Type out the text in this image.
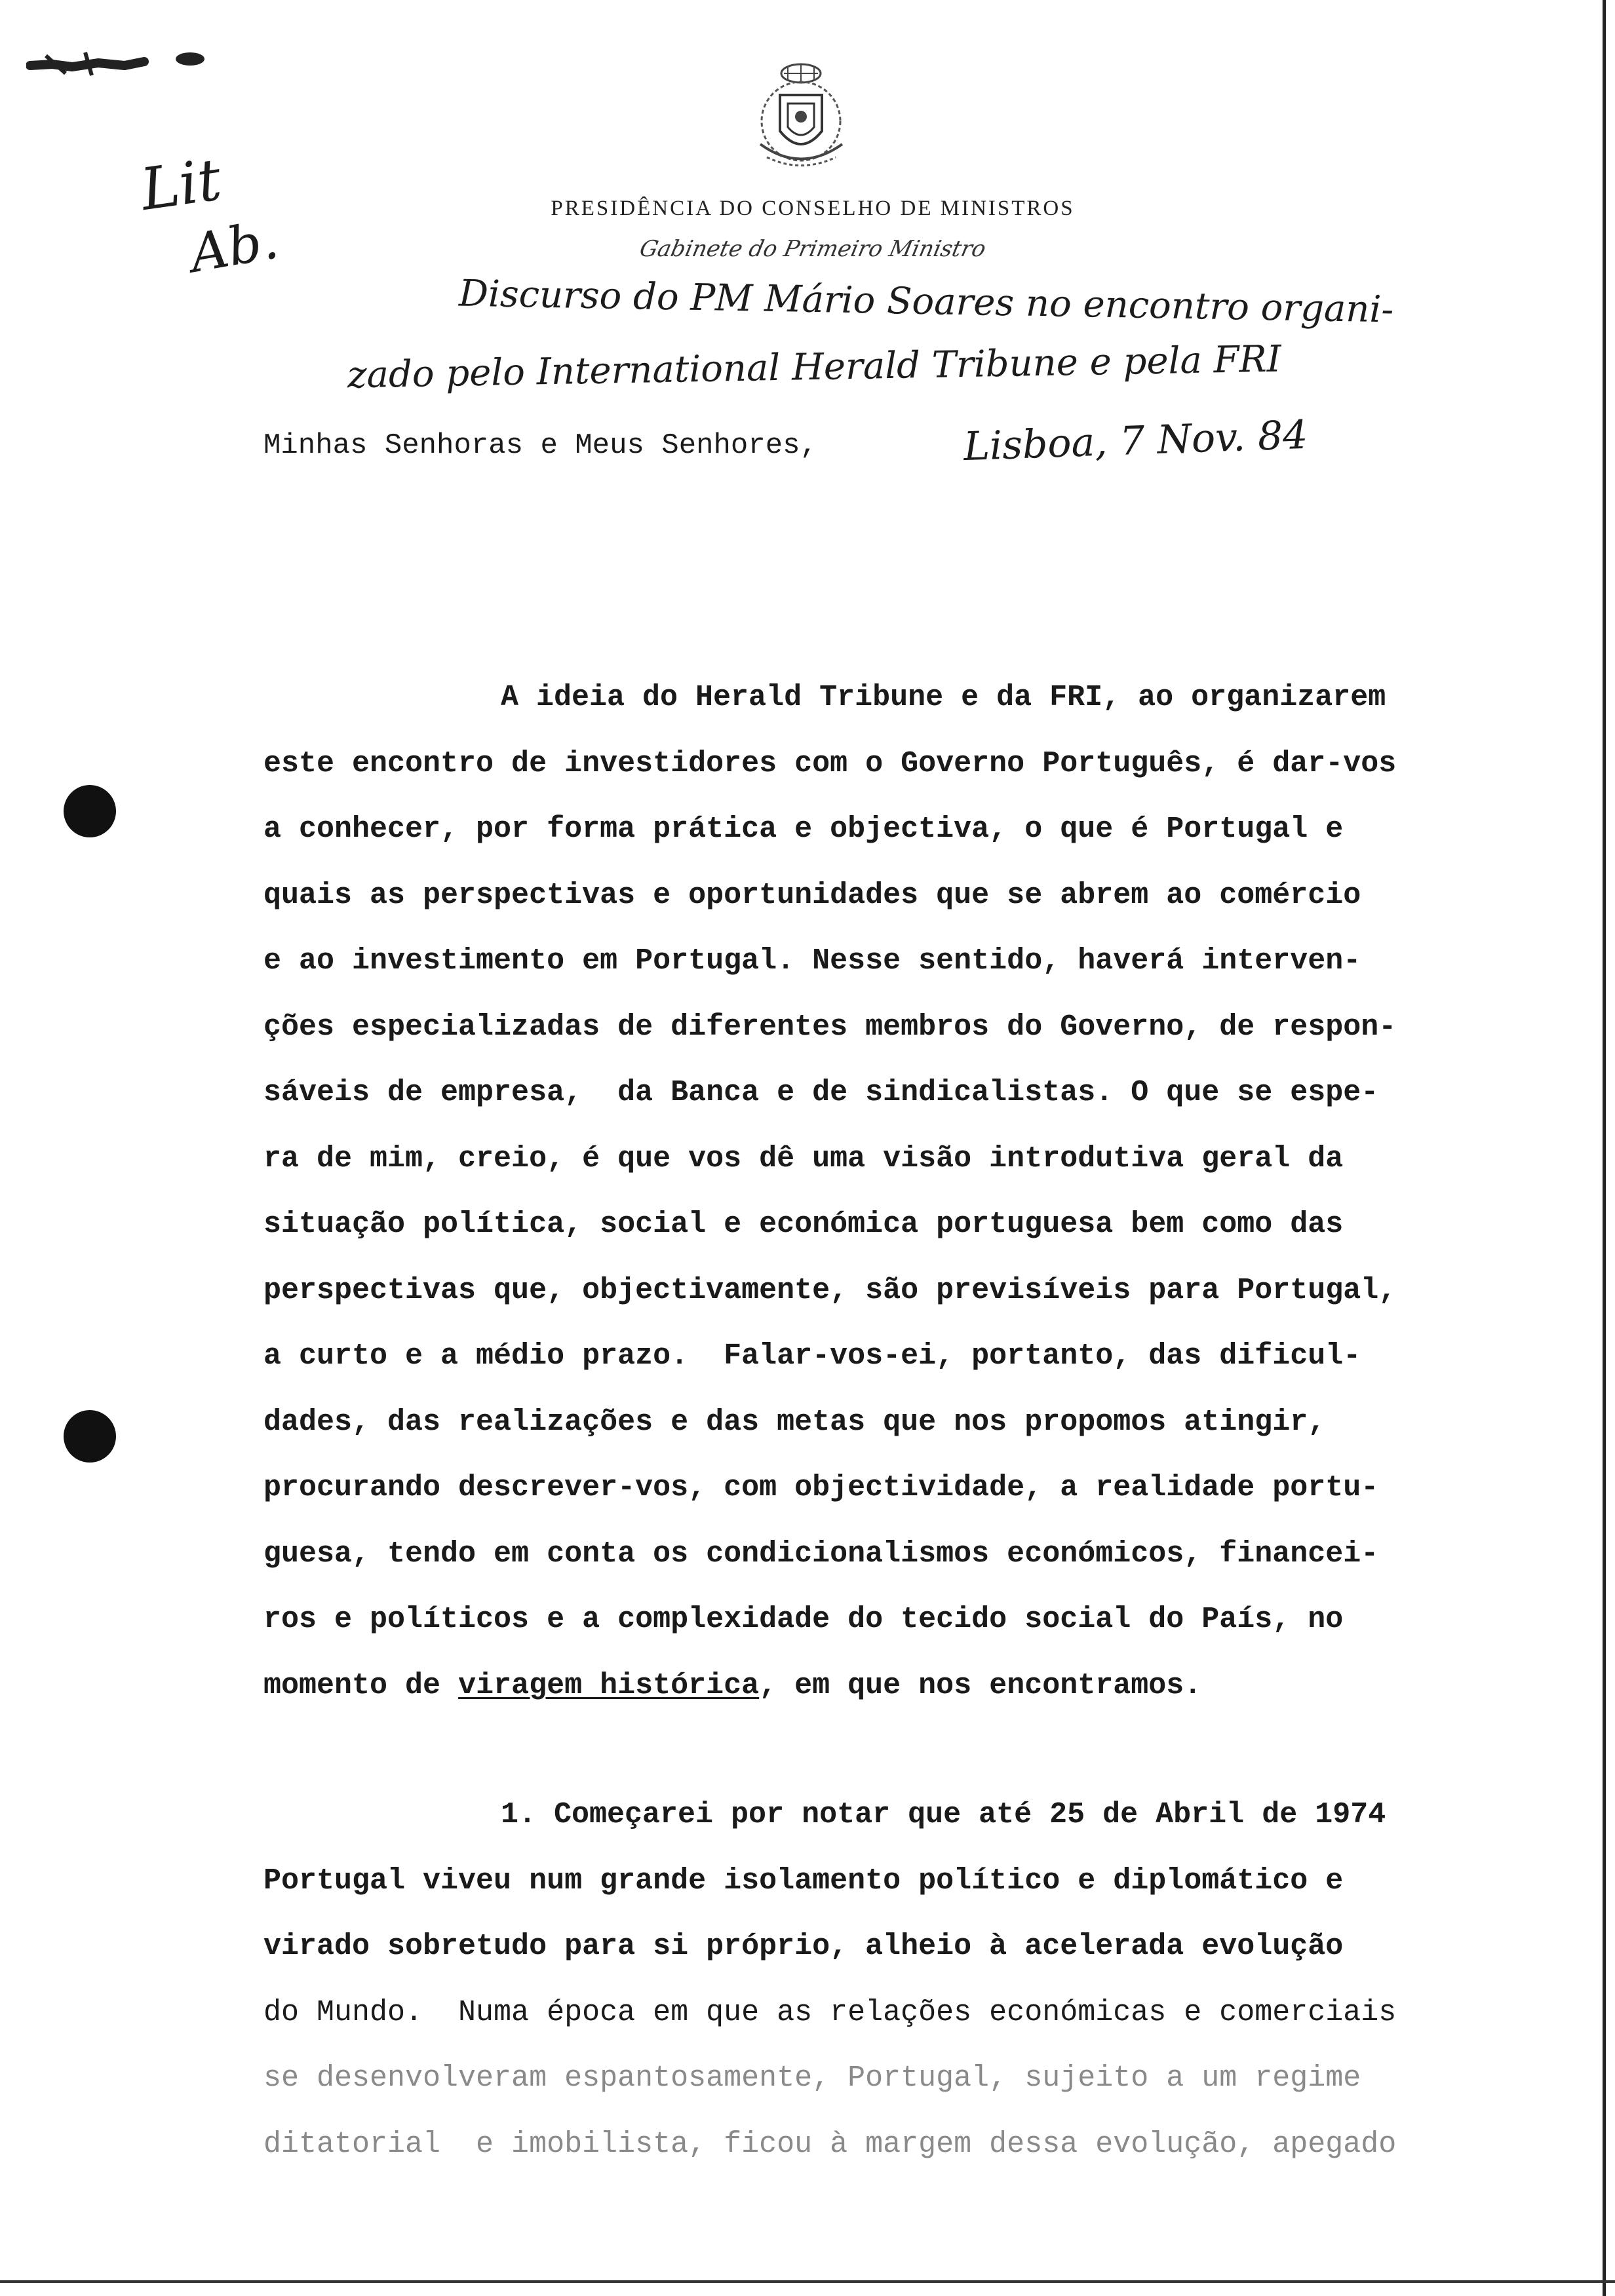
PRESIDÊNCIA DO CONSELHO DE MINISTROS
Gabinete do Primeiro Ministro
Lit
Ab.
Discurso do PM Mário Soares no encontro organi-
zado pelo International Herald Tribune e pela FRI
Lisboa, 7 Nov. 84
Minhas Senhoras e Meus Senhores,
A ideia do Herald Tribune e da FRI, ao organizarem
este encontro de investidores com o Governo Português, é dar-vos
a conhecer, por forma prática e objectiva, o que é Portugal e
quais as perspectivas e oportunidades que se abrem ao comércio
e ao investimento em Portugal. Nesse sentido, haverá interven-
ções especializadas de diferentes membros do Governo, de respon-
sáveis de empresa,  da Banca e de sindicalistas. O que se espe-
ra de mim, creio, é que vos dê uma visão introdutiva geral da
situação política, social e económica portuguesa bem como das
perspectivas que, objectivamente, são previsíveis para Portugal,
a curto e a médio prazo.  Falar-vos-ei, portanto, das dificul-
dades, das realizações e das metas que nos propomos atingir,
procurando descrever-vos, com objectividade, a realidade portu-
guesa, tendo em conta os condicionalismos económicos, financei-
ros e políticos e a complexidade do tecido social do País, no
momento de viragem histórica, em que nos encontramos.
1. Começarei por notar que até 25 de Abril de 1974
Portugal viveu num grande isolamento político e diplomático e
virado sobretudo para si próprio, alheio à acelerada evolução
do Mundo.  Numa época em que as relações económicas e comerciais
se desenvolveram espantosamente, Portugal, sujeito a um regime
ditatorial  e imobilista, ficou à margem dessa evolução, apegado
